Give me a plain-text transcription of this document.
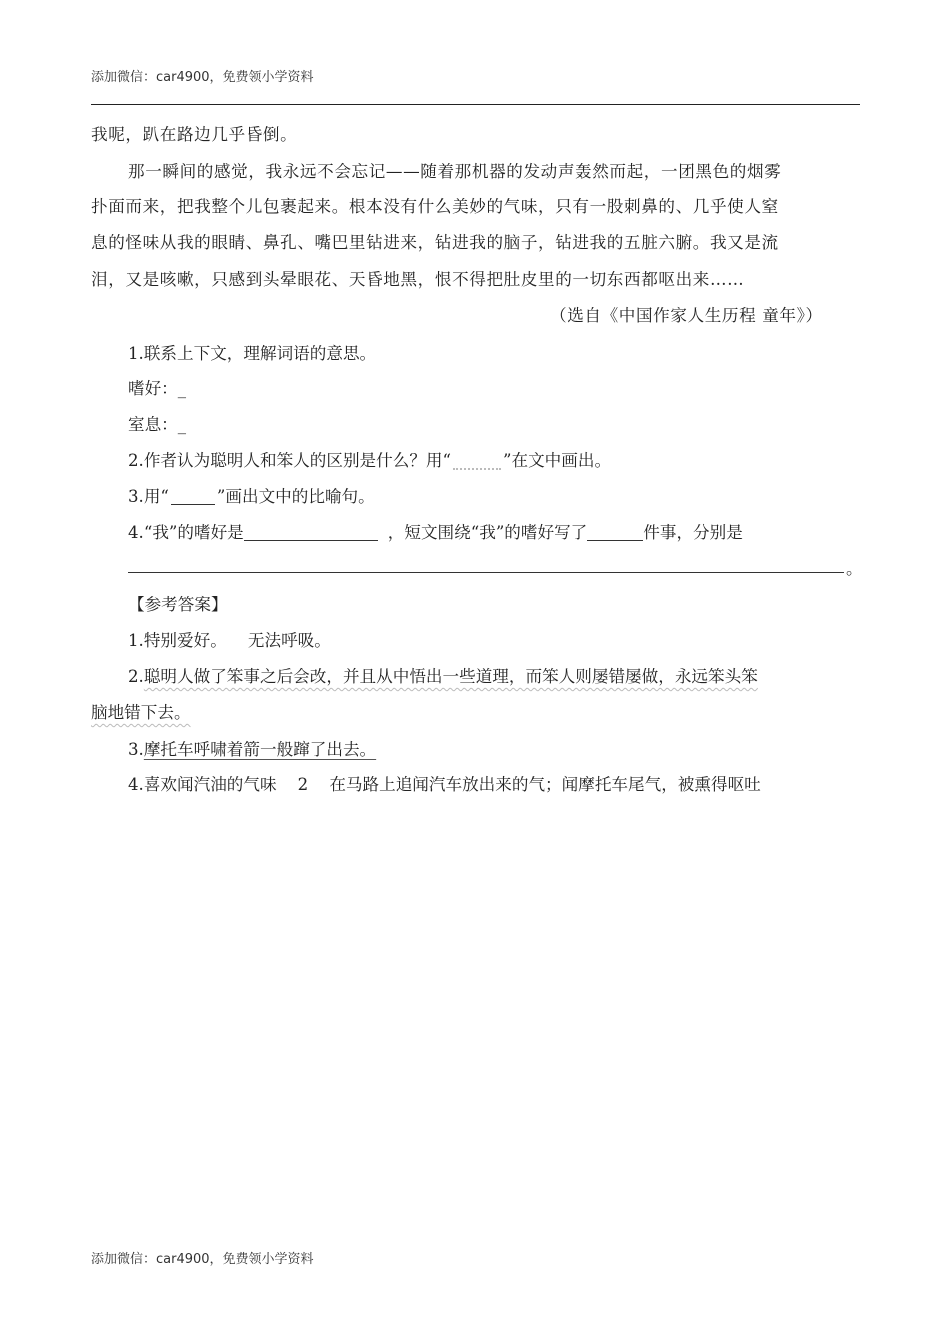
添加微信：car4900，免费领小学资料
我呢，趴在路边几乎昏倒。
那一瞬间的感觉，我永远不会忘记——随着那机器的发动声轰然而起，一团黑色的烟雾
扑面而来，把我整个儿包裹起来。根本没有什么美妙的气味，只有一股刺鼻的、几乎使人窒
息的怪味从我的眼睛、鼻孔、嘴巴里钻进来，钻进我的脑子，钻进我的五脏六腑。我又是流
泪，又是咳嗽，只感到头晕眼花、天昏地黑，恨不得把肚皮里的一切东西都呕出来……
（选自《中国作家人生历程 童年》）
1.联系上下文，理解词语的意思。
嗜好：_
室息：_
2.作者认为聪明人和笨人的区别是什么？用“	”在文中画出。
3.用“	”画出文中的比喻句。
4.“我”的嗜好是	，短文围绕“我”的嗜好写了	件事，分别是
。
【参考答案】
1.特别爱好。    无法呼吸。
2.聪明人做了笨事之后会改，并且从中悟出一些道理，而笨人则屡错屡做，永远笨头笨
脑地错下去。
3.摩托车呼啸着箭一般蹿了出去。
4.喜欢闻汽油的气味    2    在马路上追闻汽车放出来的气；闻摩托车尾气，被熏得呕吐
添加微信：car4900，免费领小学资料
